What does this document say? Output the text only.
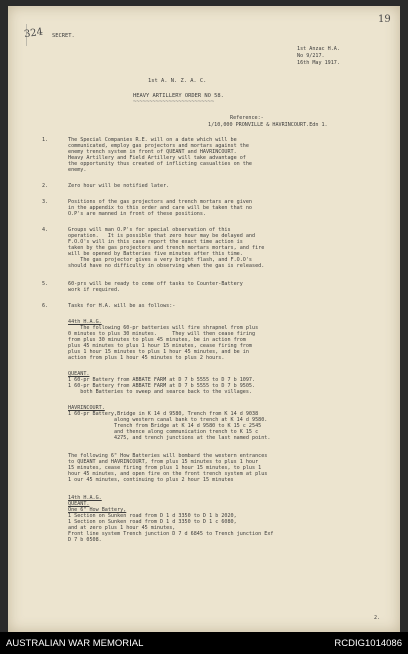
324
19
SECRET.
1st Anzac H.A.
No 9/217.
16th May 1917.
1st A. N. Z. A. C.
HEAVY ARTILLERY ORDER NO 58.
~~~~~~~~~~~~~~~~~~~~~~~~~
Reference:-
1/10,000 PRONVILLE & HAVRINCOURT.Edn 1.
1.	The Special Companies R.E. will on a date which will be
communicated, employ gas projectors and mortars against the
enemy trench system in front of QUEANT and HAVRINCOURT.
Heavy Artillery and Field Artillery will take advantage of
the opportunity thus created of inflicting casualties on the
enemy.
2.	Zero hour will be notified later.
3.	Positions of the gas projectors and trench mortars are given
in the appendix to this order and care will be taken that no
O.P's are manned in front of these positions.
4.	Groups will man O.P's for special observation of this
operation.   It is possible that zero hour may be delayed and
F.O.O's will in this case report the exact time action is
taken by the gas projectors and trench mortars mortars, and fire
will be opened by Batteries five minutes after this time.
The gas projector gives a very bright flash, and F.O.O's
should have no difficulty in observing when the gas is released.
5.	60-prs will be ready to come off tasks to Counter-Battery
work if required.
6.	Tasks for H.A. will be as follows:-
44th H.A.G.
The following 60-pr batteries will fire shrapnel from plus
0 minutes to plus 30 minutes.     They will then cease firing
from plus 30 minutes to plus 45 minutes, be in action from
plus 45 minutes to plus 1 hour 15 minutes, cease firing from
plus 1 hour 15 minutes to plus 1 hour 45 minutes, and be in
action from plus 1 hour 45 minutes to plus 2 hours.
QUEANT.
1 60-pr Battery from ABBATE FARM at D 7 b 5555 to D 7 b 1097.
1 60-pr Battery from ABBATE FARM at D 7 b 5555 to D 7 b 9505.
both Batteries to sweep and searce back to the villages.
HAVRINCOURT.
1 60-pr Battery,Bridge in K 14 d 9580, Trench from K 14 d 9038
along western canal bank to trench at K 14 d 9580.
Trench from Bridge at K 14 d 9580 to K 15 c 2545
and thence along communication trench to K 15 c
4275, and trench junctions at the last named point.
The following 6" How Batteries will bombard the western entrances
to QUEANT and HAVRINCOURT, from plus 15 minutes to plus 1 hour
15 minutes, cease firing from plus 1 hour 15 minutes, to plus 1
hour 45 minutes, and open fire on the front trench system at plus
1 our 45 minutes, continuing to plus 2 hour 15 minutes
14th H.A.G.
QUEANT.
One 6" How Battery,
1 Section on Sunken road from D 1 d 3350 to D 1 b 2020,
1 Section on Sunken road from D 1 d 3350 to D 1 c 6080,
and at zero plus 1 hour 45 minutes,
Front line system Trench junction D 7 d 6845 to Trench junction Exf
D 7 b 0508.
2.
AUSTRALIAN WAR MEMORIAL	RCDIG1014086
